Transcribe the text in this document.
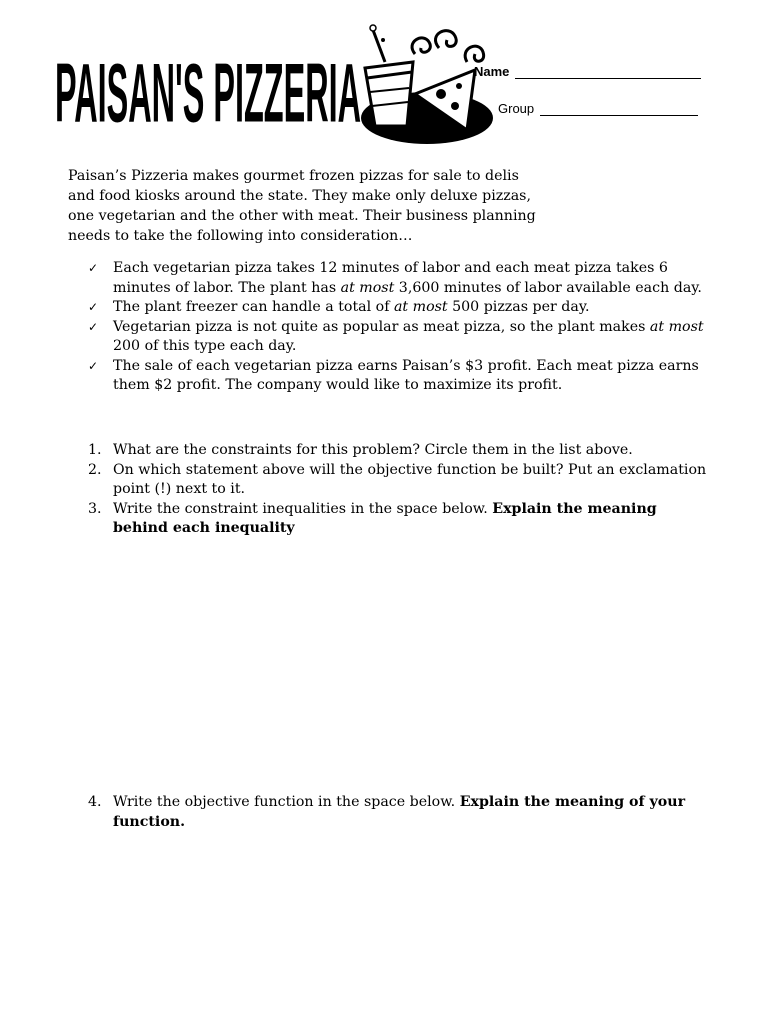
PAISAN'S PIZZERIA	Name
Group

Paisan’s Pizzeria makes gourmet frozen pizzas for sale to delis and food kiosks around the state. They make only deluxe pizzas, one vegetarian and the other with meat. Their business planning needs to take the following into consideration…

✓ Each vegetarian pizza takes 12 minutes of labor and each meat pizza takes 6 minutes of labor. The plant has at most 3,600 minutes of labor available each day.
✓ The plant freezer can handle a total of at most 500 pizzas per day.
✓ Vegetarian pizza is not quite as popular as meat pizza, so the plant makes at most 200 of this type each day.
✓ The sale of each vegetarian pizza earns Paisan’s $3 profit. Each meat pizza earns them $2 profit. The company would like to maximize its profit.
1. What are the constraints for this problem? Circle them in the list above.
2. On which statement above will the objective function be built? Put an exclamation point (!) next to it.
3. Write the constraint inequalities in the space below. Explain the meaning behind each inequality
4. Write the objective function in the space below. Explain the meaning of your function.
